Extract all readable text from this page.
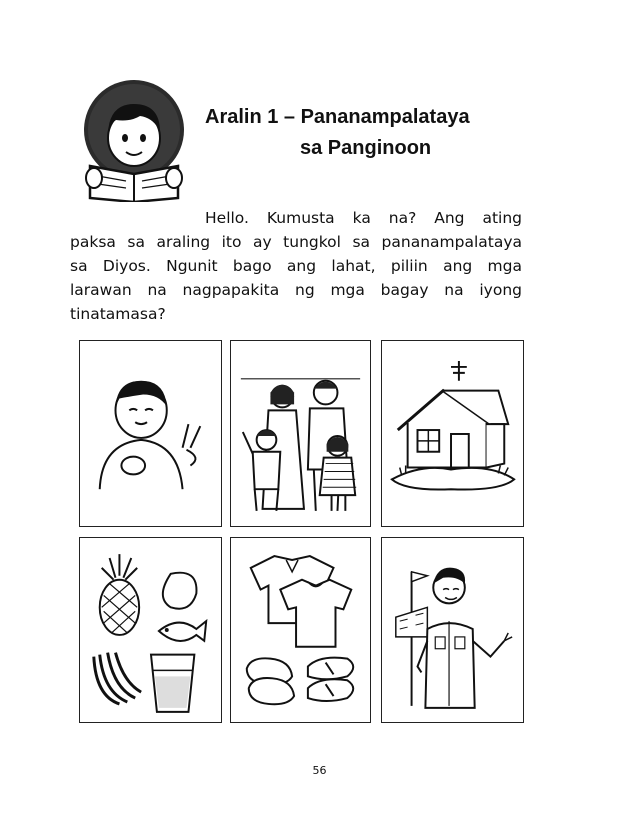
Aralin 1 – Pananampalataya
sa Panginoon
Hello. Kumusta ka na? Ang ating
paksa sa araling ito ay tungkol sa pananampalataya
sa Diyos. Ngunit bago ang lahat, piliin ang mga
larawan na nagpapakita ng mga bagay na iyong
tinatamasa?
56
